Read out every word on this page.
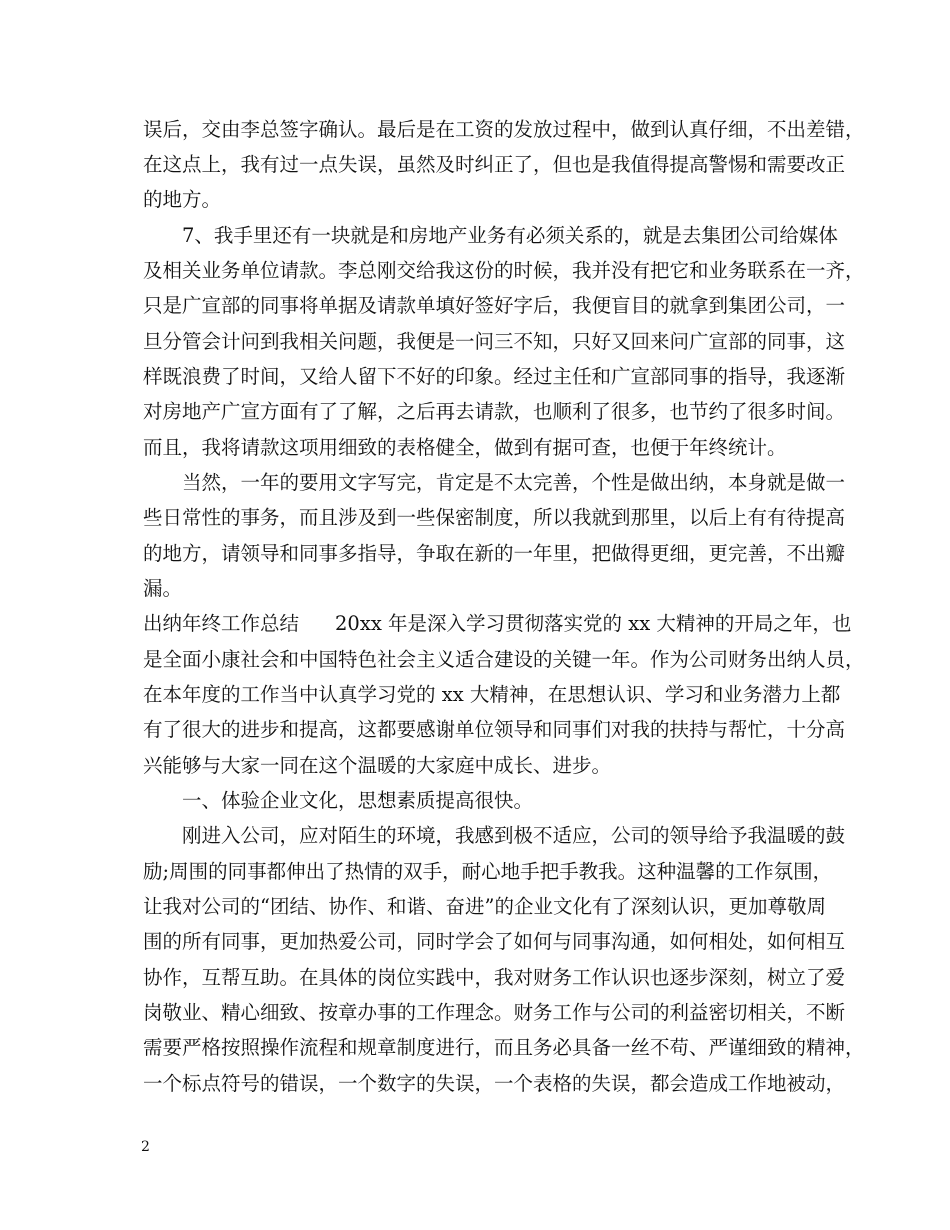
误后，交由李总签字确认。最后是在工资的发放过程中，做到认真仔细，不出差错，
在这点上，我有过一点失误，虽然及时纠正了，但也是我值得提高警惕和需要改正
的地方。
　　7、我手里还有一块就是和房地产业务有必须关系的，就是去集团公司给媒体
及相关业务单位请款。李总刚交给我这份的时候，我并没有把它和业务联系在一齐，
只是广宣部的同事将单据及请款单填好签好字后，我便盲目的就拿到集团公司，一
旦分管会计问到我相关问题，我便是一问三不知，只好又回来问广宣部的同事，这
样既浪费了时间，又给人留下不好的印象。经过主任和广宣部同事的指导，我逐渐
对房地产广宣方面有了了解，之后再去请款，也顺利了很多，也节约了很多时间。
而且，我将请款这项用细致的表格健全，做到有据可查，也便于年终统计。
　　当然，一年的要用文字写完，肯定是不太完善，个性是做出纳，本身就是做一
些日常性的事务，而且涉及到一些保密制度，所以我就到那里，以后上有有待提高
的地方，请领导和同事多指导，争取在新的一年里，把做得更细，更完善，不出瓣
漏。
出纳年终工作总结 20xx 年是深入学习贯彻落实党的 xx 大精神的开局之年，也
是全面小康社会和中国特色社会主义适合建设的关键一年。作为公司财务出纳人员，
在本年度的工作当中认真学习党的 xx 大精神，在思想认识、学习和业务潜力上都
有了很大的进步和提高，这都要感谢单位领导和同事们对我的扶持与帮忙，十分高
兴能够与大家一同在这个温暖的大家庭中成长、进步。
　　一、体验企业文化，思想素质提高很快。
　　刚进入公司，应对陌生的环境，我感到极不适应，公司的领导给予我温暖的鼓
励;周围的同事都伸出了热情的双手，耐心地手把手教我。这种温馨的工作氛围，
让我对公司的“团结、协作、和谐、奋进”的企业文化有了深刻认识，更加尊敬周
围的所有同事，更加热爱公司，同时学会了如何与同事沟通，如何相处，如何相互
协作，互帮互助。在具体的岗位实践中，我对财务工作认识也逐步深刻，树立了爱
岗敬业、精心细致、按章办事的工作理念。财务工作与公司的利益密切相关，不断
需要严格按照操作流程和规章制度进行，而且务必具备一丝不苟、严谨细致的精神，
一个标点符号的错误，一个数字的失误，一个表格的失误，都会造成工作地被动，
2
